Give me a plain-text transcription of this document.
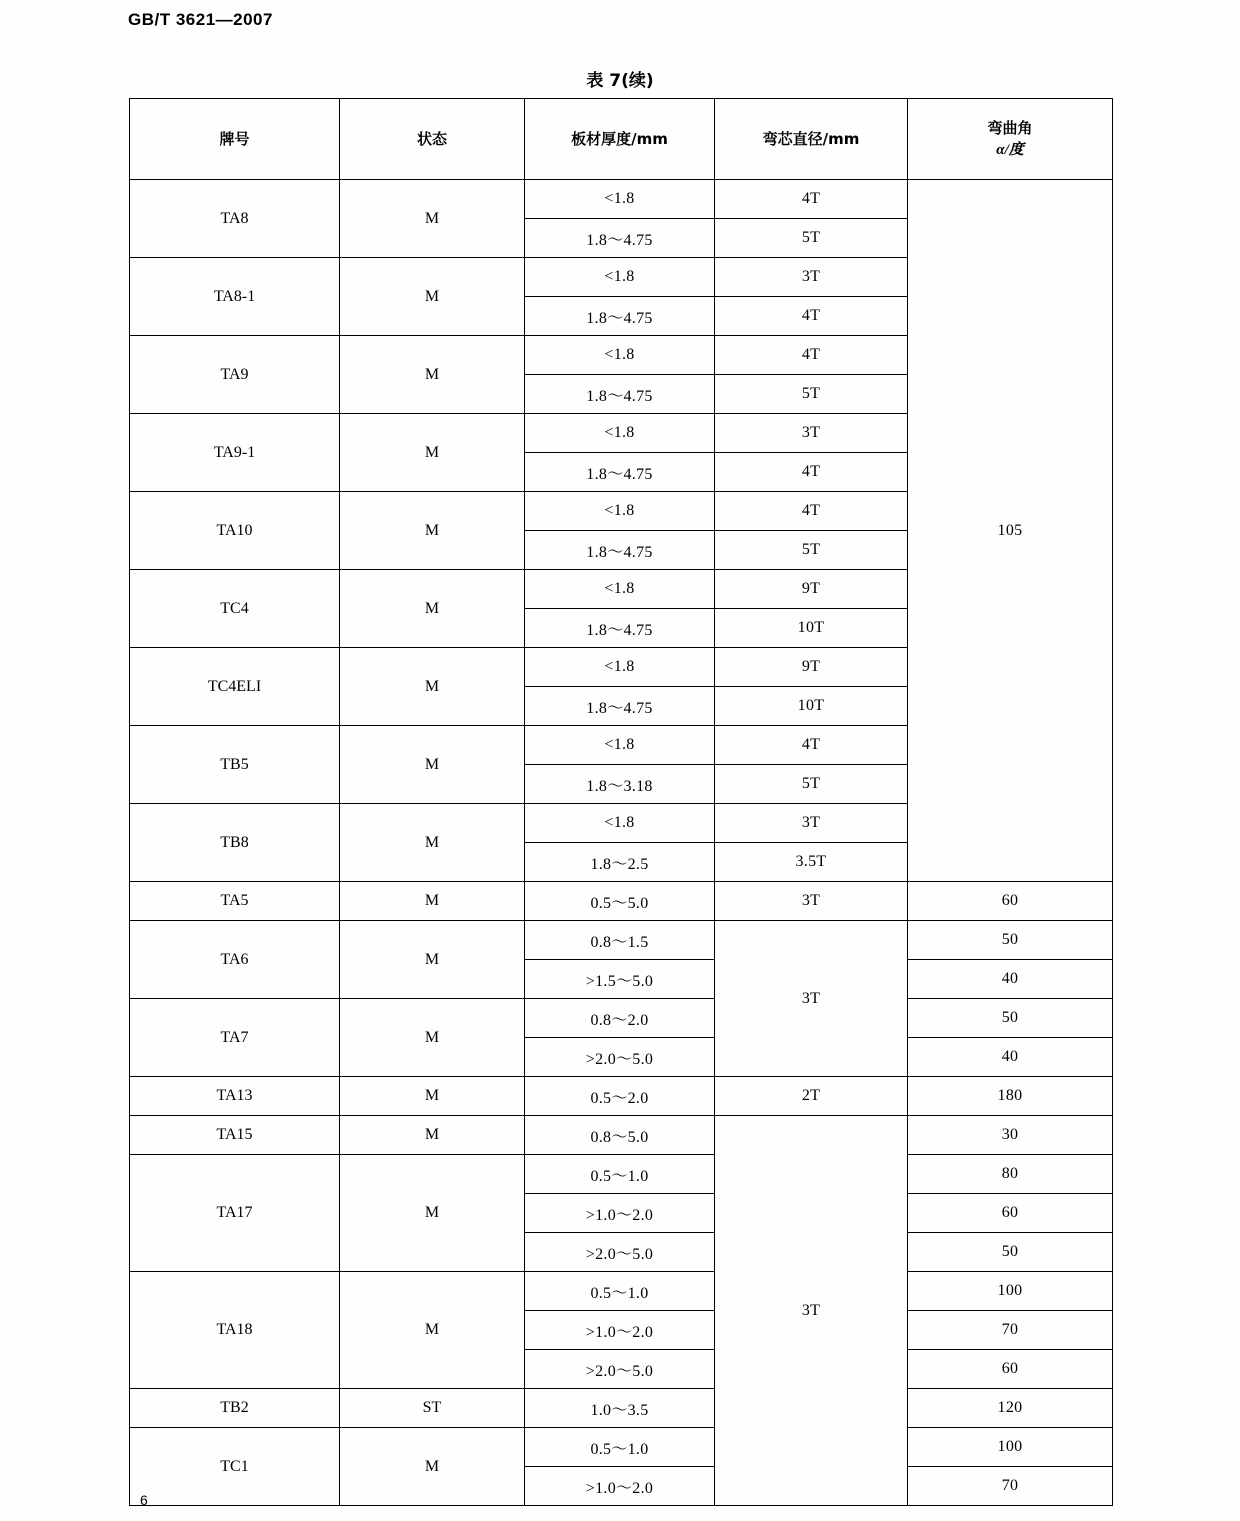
GB/T 3621—2007
表 7(续)
牌号	状态	板材厚度/mm	弯芯直径/mm	弯曲角
α/度

TA8	M	<1.8	4T	105
		1.8～4.75	5T	
TA8-1	M	<1.8	3T	
		1.8～4.75	4T	
TA9	M	<1.8	4T	
		1.8～4.75	5T	
TA9-1	M	<1.8	3T	
		1.8～4.75	4T	
TA10	M	<1.8	4T	
		1.8～4.75	5T	
TC4	M	<1.8	9T	
		1.8～4.75	10T	
TC4ELI	M	<1.8	9T	
		1.8～4.75	10T	
TB5	M	<1.8	4T	
		1.8～3.18	5T	
TB8	M	<1.8	3T	
		1.8～2.5	3.5T	
TA5	M	0.5～5.0	3T	60
TA6	M	0.8～1.5	3T	50
		>1.5～5.0		40
TA7	M	0.8～2.0		50
		>2.0～5.0		40
TA13	M	0.5～2.0	2T	180
TA15	M	0.8～5.0	3T	30
TA17	M	0.5～1.0		80
		>1.0～2.0		60
		>2.0～5.0		50
TA18	M	0.5～1.0		100
		>1.0～2.0		70
		>2.0～5.0		60
TB2	ST	1.0～3.5		120
TC1	M	0.5～1.0		100
		>1.0～2.0		70
6
